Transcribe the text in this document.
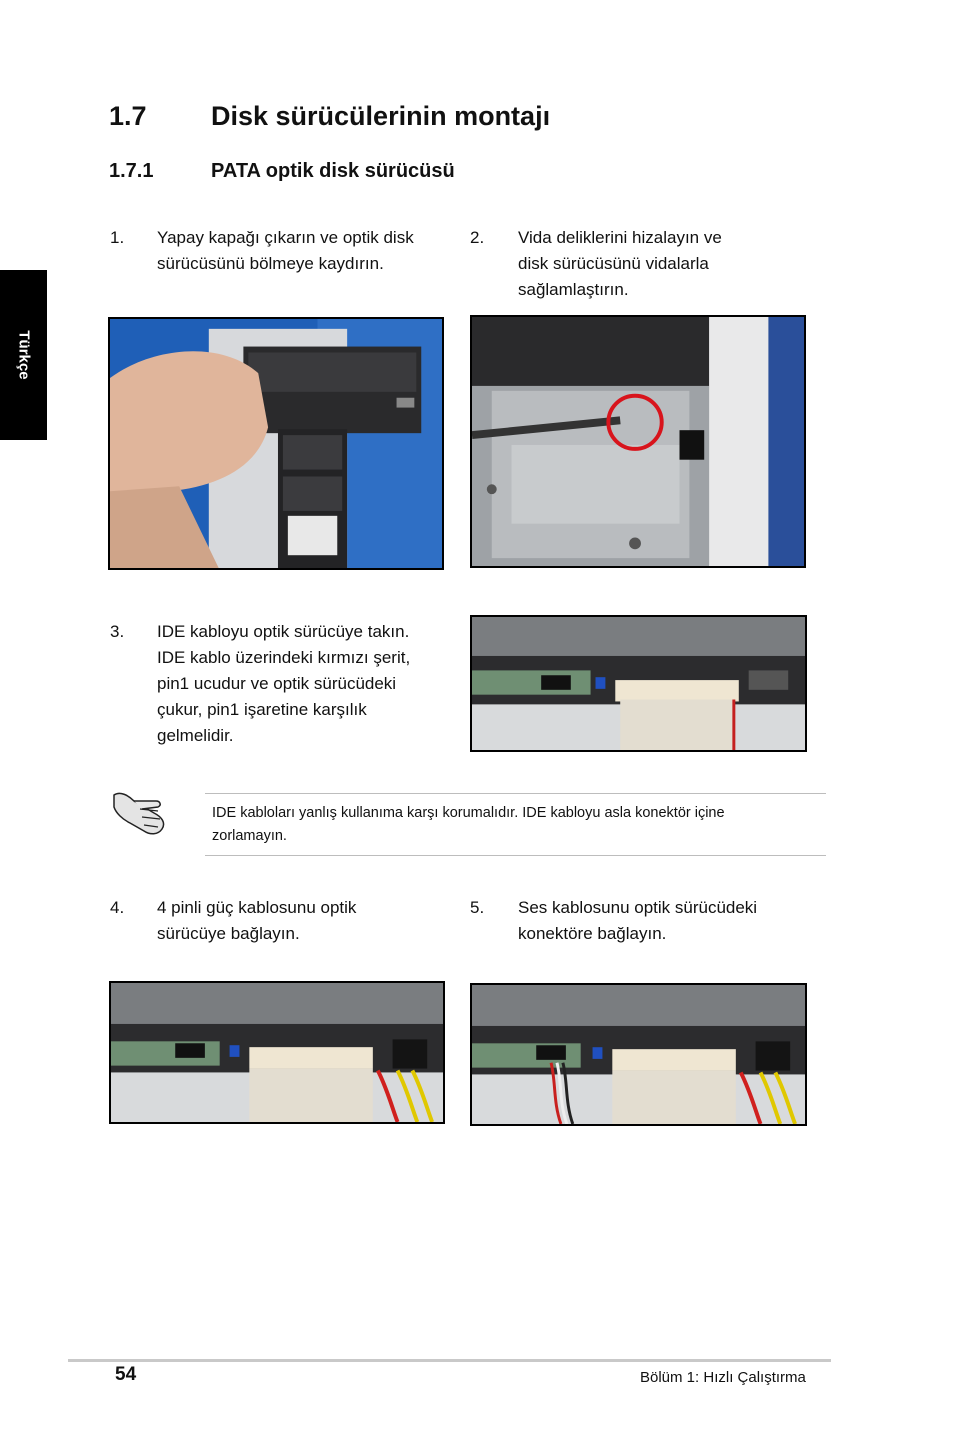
Türkçe
1.7 Disk sürücülerinin montajı
1.7.1	PATA optik disk sürücüsü
1. Yapay kapağı çıkarın ve optik disk
sürücüsünü bölmeye kaydırın.
2. Vida deliklerini hizalayın ve
disk sürücüsünü vidalarla
sağlamlaştırın.
3. IDE kabloyu optik sürücüye takın.
IDE kablo üzerindeki kırmızı şerit,
pin1 ucudur ve optik sürücüdeki
çukur, pin1 işaretine karşılık
gelmelidir.
IDE kabloları yanlış kullanıma karşı korumalıdır. IDE kabloyu asla konektör içine
zorlamayın.
4. 4 pinli güç kablosunu optik
sürücüye bağlayın.
5. Ses kablosunu optik sürücüdeki
konektöre bağlayın.
54	Bölüm 1: Hızlı Çalıştırma
